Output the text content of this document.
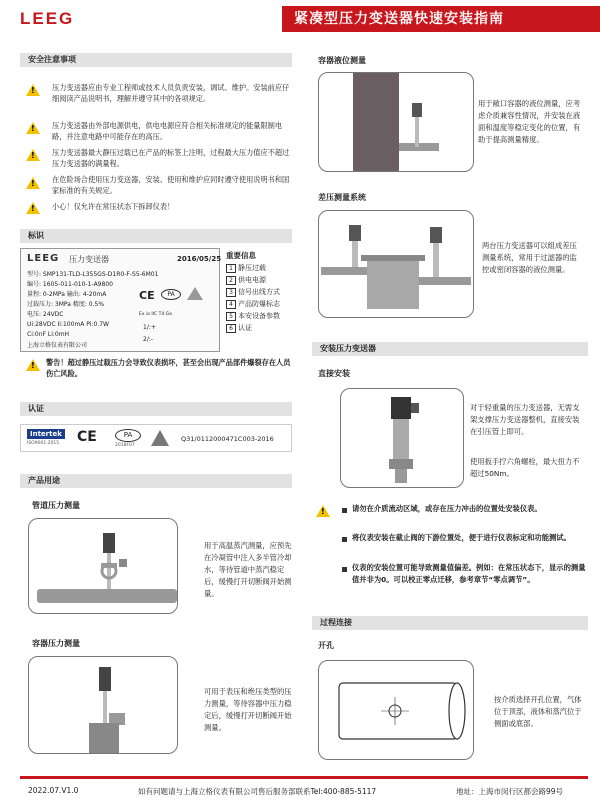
LEEG	紧凑型压力变送器快速安装指南
安全注意事项
!
压力变送器应由专业工程师或技术人员负责安装，调试、维护。安装前应仔细阅读产品说明书，理解并遵守其中的各项规定。
!
压力变送器由外部电源供电，供电电源应符合相关标准规定的能量限制电路，并注意电路中可能存在的高压。
!
压力变送器最大静压过载已在产品的标签上注明，过程最大压力值应不超过压力变送器的满量程。
!
在危险场合使用压力变送器，安装、使用和维护应同时遵守使用说明书和国家标准的有关规定。
!
小心！仅允许在常压状态下拆卸仪表！
标识
LEEG 压力变送器	2016/05/25
型号: SMP131-TLD-L355GS-D1R0-F-S5-6M01
编号: 1605-011-010-1-A9800
量程: 0-2MPa 输出: 4-20mA
过载压力: 3MPa 精度: 0.5%
电压: 24VDC
Ui:28VDC Ii:100mA Pi:0.7W
Ci:0nF Li:0mH
上海立格仪表有限公司
CE	PA
Ex ia IIC T4 Ga
1/:+
2/:-
重要信息
1 静压过载
2 供电电源
3 信号出线方式
4 产品防爆标志
5 本安设备参数
6 认证
!
警告！超过静压过载压力会导致仪表损坏，甚至会出现产品部件爆裂存在人员伤亡风险。
认证
Intertek
ISO9001:2015 CE	PA
2018F07
Q31/0112000471C003-2016
产品用途
管道压力测量
用于高温蒸汽测量，应预先在冷凝管中注入多半管冷却水，等待管道中蒸汽稳定后，缓慢打开切断阀开始测量。
容器压力测量
可用于表压和绝压类型的压力测量，等待容器中压力稳定后，缓慢打开切断阀开始测量。
容器液位测量
用于敞口容器的液位测量，应考虑介质兼容性情况，并安装在液面和温度等稳定变化的位置，有助于提高测量精度。
差压测量系统
两台压力变送器可以组成差压测量系统，常用于过滤器的监控或密闭容器的液位测量。
安装压力变送器
直接安装
对于轻重量的压力变送器，无需支架支撑压力变送器整机，直接安装在引压管上即可。
使用扳手拧六角螺栓，最大扭力不超过50Nm。
!
请勿在介质流动区域，或存在压力冲击的位置处安装仪表。
将仪表安装在截止阀的下游位置处，便于进行仪表标定和功能测试。
仪表的安装位置可能导致测量值偏差。例如：在常压状态下，显示的测量值并非为0。可以校正零点迁移，参考章节“零点调节”。
过程连接
开孔
按介质选择开孔位置，气体位于顶部，液体和蒸汽位于侧面或底部。
2022.07.V1.0	如有问题请与上海立格仪表有限公司售后服务部联系Tel:400-885-5117	地址：上海市闵行区都会路99号
